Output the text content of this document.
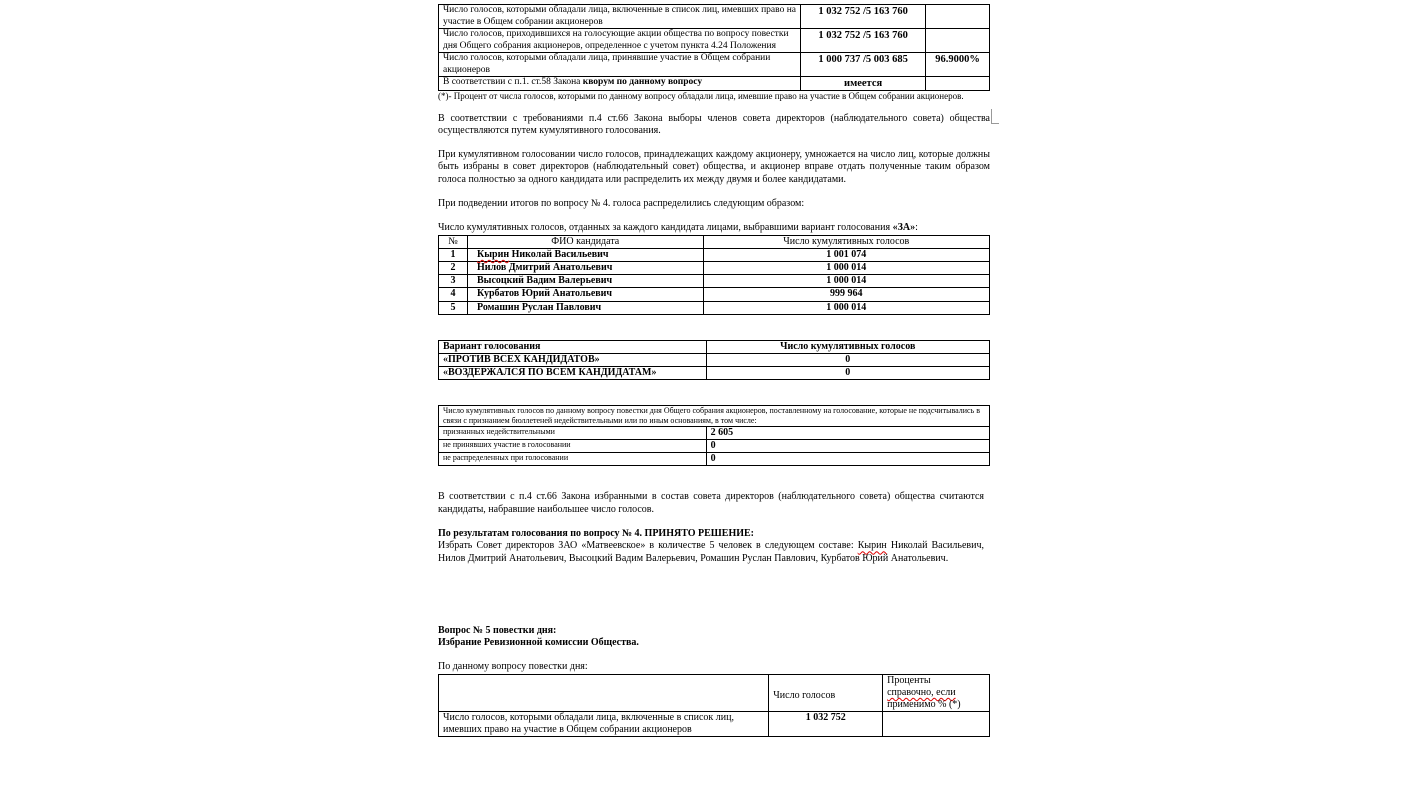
Число голосов, которыми обладали лица, включенные в список лиц, имевших право на участие в Общем собрании акционеров	1 032 752 /5 163 760	
Число голосов, приходившихся на голосующие акции общества по вопросу повестки дня Общего собрания акционеров, определенное с учетом пункта 4.24 Положения	1 032 752 /5 163 760	
Число голосов, которыми обладали лица, принявшие участие в Общем собрании акционеров	1 000 737 /5 003 685	96.9000%
В соответствии с п.1. ст.58 Закона кворум по данному вопросу	имеется	

(*)- Процент от числа голосов, которыми по данному вопросу обладали лица, имевшие право на участие в Общем собрании акционеров.

В соответствии с требованиями п.4 ст.66 Закона выборы членов совета директоров (наблюдательного совета) общества осуществляются путем кумулятивного голосования.

При кумулятивном голосовании число голосов, принадлежащих каждому акционеру, умножается на число лиц, которые должны быть избраны в совет директоров (наблюдательный совет) общества, и акционер вправе отдать полученные таким образом голоса полностью за одного кандидата или распределить их между двумя и более кандидатами.

При подведении итогов по вопросу № 4. голоса распределились следующим образом:

Число кумулятивных голосов, отданных за каждого кандидата лицами, выбравшими вариант голосования «ЗА»:

№	ФИО кандидата	Число кумулятивных голосов
1	Кырин Николай Васильевич	1 001 074
2	Нилов Дмитрий Анатольевич	1 000 014
3	Высоцкий Вадим Валерьевич	1 000 014
4	Курбатов Юрий Анатольевич	999 964
5	Ромашин Руслан Павлович	1 000 014
Вариант голосования	Число кумулятивных голосов
«ПРОТИВ ВСЕХ КАНДИДАТОВ»	0
«ВОЗДЕРЖАЛСЯ ПО ВСЕМ КАНДИДАТАМ»	0
Число кумулятивных голосов по данному вопросу повестки дня Общего собрания акционеров, поставленному на голосование, которые не подсчитывались в связи с признанием бюллетеней недействительными или по иным основаниям, в том числе:	
признанных недействительными	2 605
не принявших участие в голосовании	0
не распределенных при голосовании	0

В соответствии с п.4 ст.66 Закона избранными в состав совета директоров (наблюдательного совета) общества считаются кандидаты, набравшие наибольшее число голосов.

По результатам голосования по вопросу № 4. ПРИНЯТО РЕШЕНИЕ:

Избрать Совет директоров ЗАО «Матвеевское» в количестве 5 человек в следующем составе: Кырин Николай Васильевич, Нилов Дмитрий Анатольевич, Высоцкий Вадим Валерьевич, Ромашин Руслан Павлович, Курбатов Юрий Анатольевич.

Вопрос № 5 повестки дня:

Избрание Ревизионной комиссии Общества.

По данному вопросу повестки дня:

	Число голосов	Проценты
справочно, если
применимо % (*)
Число голосов, которыми обладали лица, включенные в список лиц, имевших право на участие в Общем собрании акционеров	1 032 752	
